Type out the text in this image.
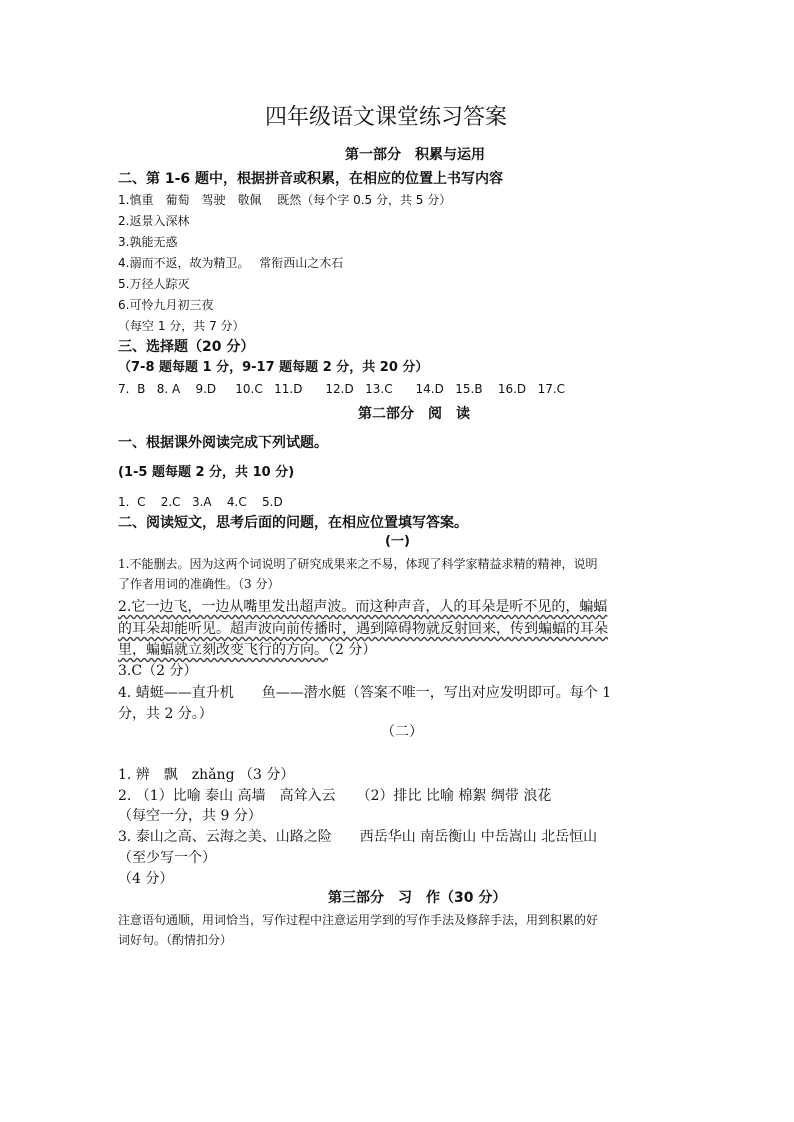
四年级语文课堂练习答案
第一部分　积累与运用
二、第 1-6 题中，根据拼音或积累，在相应的位置上书写内容
1.慎重　葡萄　驾驶　敬佩　 既然（每个字 0.5 分，共 5 分）
2.返景入深林
3.孰能无惑
4.溺而不返，故为精卫。　 常衔西山之木石
5.万径人踪灭
6.可怜九月初三夜
（每空 1 分，共 7 分）
三、选择题（20 分）
（7-8 题每题 1 分，9-17 题每题 2 分，共 20 分）
7.  B   8. A    9.D     10.C   11.D      12.D   13.C      14.D   15.B    16.D   17.C
第二部分　阅　读
一、根据课外阅读完成下列试题。
(1-5 题每题 2 分，共 10 分)
1.  C    2.C   3.A    4.C    5.D
二、阅读短文，思考后面的问题，在相应位置填写答案。
(一)
1.不能删去。因为这两个词说明了研究成果来之不易，体现了科学家精益求精的精神，说明
了作者用词的准确性。（3 分）
2.它一边飞，一边从嘴里发出超声波。而这种声音，人的耳朵是听不见的，蝙蝠
的耳朵却能听见。超声波向前传播时，遇到障碍物就反射回来，传到蝙蝠的耳朵
里，蝙蝠就立刻改变飞行的方向。（2 分）
3.C（2 分）
4. 蜻蜓——直升机　　鱼——潜水艇（答案不唯一，写出对应发明即可。每个 1
分，共 2 分。）
（二）
1. 辨　飘　zhǎng （3 分）
2. （1）比喻 泰山 高墙　高耸入云　　（2）排比 比喻 棉絮 绸带 浪花
（每空一分，共 9 分）
3. 泰山之高、云海之美、山路之险　　西岳华山 南岳衡山 中岳嵩山 北岳恒山
（至少写一个）
（4 分）
第三部分　习　作（30 分）
注意语句通顺，用词恰当，写作过程中注意运用学到的写作手法及修辞手法，用到积累的好
词好句。（酌情扣分）
